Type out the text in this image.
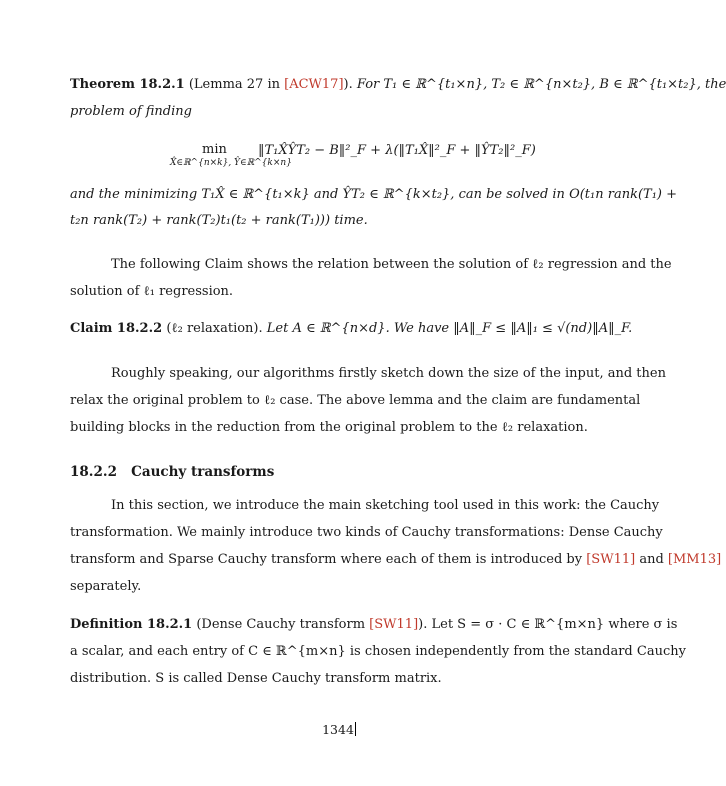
Theorem 18.2.1 (Lemma 27 in [ ACW17 ] ). For T₁ ∈ ℝ^{t₁×n}, T₂ ∈ ℝ^{n×t₂}, B ∈ ℝ^{t₁×t₂}, the
problem of finding
min
X̂∈ℝ^{n×k}, Ŷ∈ℝ^{k×n}
‖T₁X̂ŶT₂ − B‖²_F + λ(‖T₁X̂‖²_F + ‖ŶT₂‖²_F)
and the minimizing T₁X̂ ∈ ℝ^{t₁×k} and ŶT₂ ∈ ℝ^{k×t₂}, can be solved in O(t₁n rank(T₁) +
t₂n rank(T₂) + rank(T₂)t₁(t₂ + rank(T₁))) time.
The following Claim shows the relation between the solution of ℓ₂ regression and the
solution of ℓ₁ regression.
Claim 18.2.2 (ℓ₂ relaxation). Let A ∈ ℝ^{n×d}. We have ‖A‖_F ≤ ‖A‖₁ ≤ √(nd)‖A‖_F.
Roughly speaking, our algorithms firstly sketch down the size of the input, and then
relax the original problem to ℓ₂ case. The above lemma and the claim are fundamental
building blocks in the reduction from the original problem to the ℓ₂ relaxation.
18.2.2 Cauchy transforms
In this section, we introduce the main sketching tool used in this work: the Cauchy
transformation. We mainly introduce two kinds of Cauchy transformations: Dense Cauchy
transform and Sparse Cauchy transform where each of them is introduced by [ SW11 ] and [ MM13 ]
separately.
Definition 18.2.1 (Dense Cauchy transform [ SW11 ] ). Let S = σ · C ∈ ℝ^{m×n} where σ is
a scalar, and each entry of C ∈ ℝ^{m×n} is chosen independently from the standard Cauchy
distribution. S is called Dense Cauchy transform matrix.
1344
